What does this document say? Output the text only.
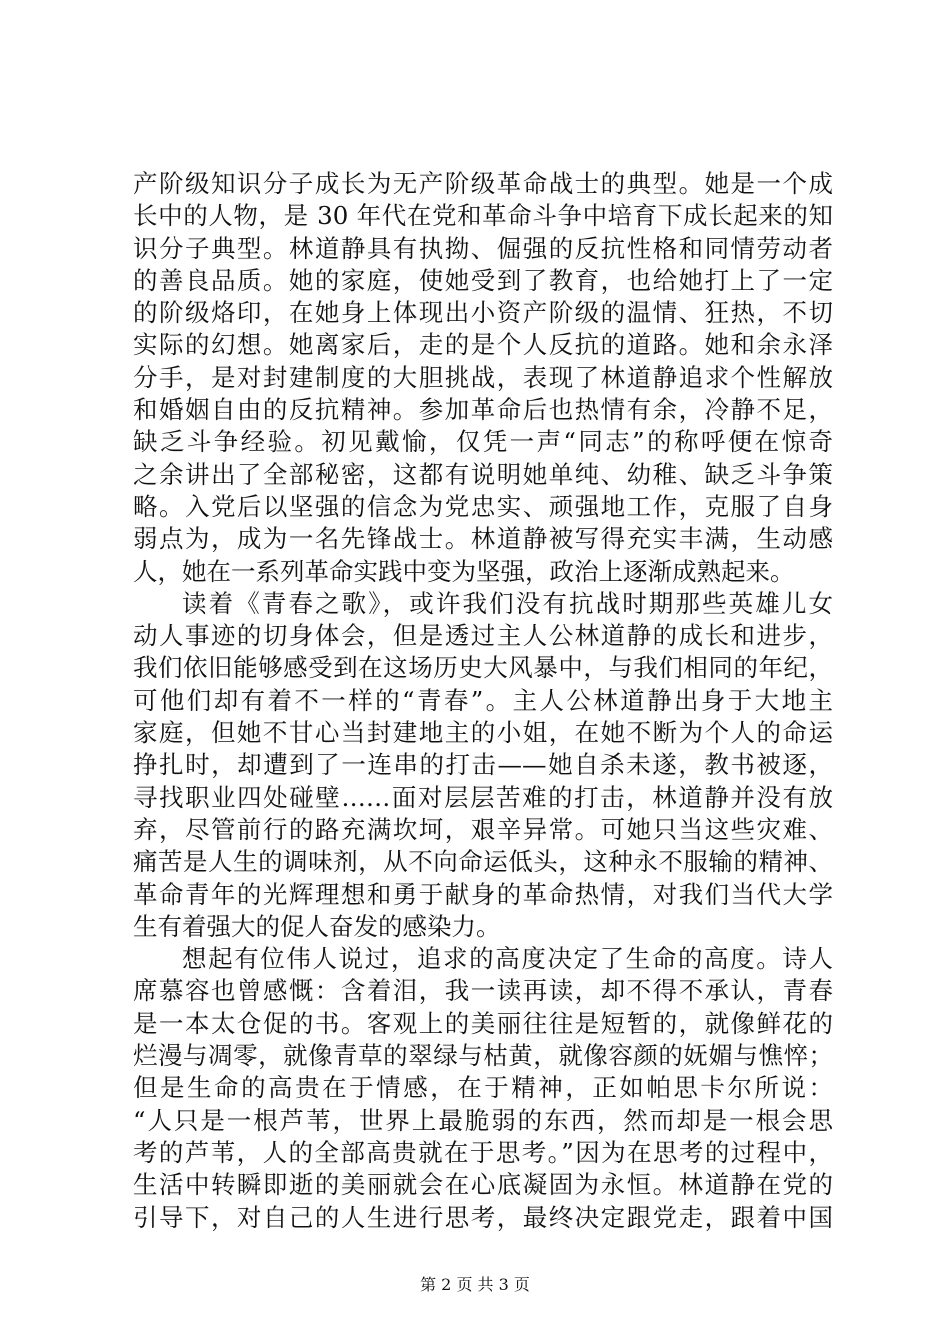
产阶级知识分子成长为无产阶级革命战士的典型。她是一个成
长中的人物，是 30 年代在党和革命斗争中培育下成长起来的知
识分子典型。林道静具有执拗、倔强的反抗性格和同情劳动者
的善良品质。她的家庭，使她受到了教育，也给她打上了一定
的阶级烙印，在她身上体现出小资产阶级的温情、狂热，不切
实际的幻想。她离家后，走的是个人反抗的道路。她和余永泽
分手，是对封建制度的大胆挑战，表现了林道静追求个性解放
和婚姻自由的反抗精神。参加革命后也热情有余，冷静不足，
缺乏斗争经验。初见戴愉，仅凭一声“同志”的称呼便在惊奇
之余讲出了全部秘密，这都有说明她单纯、幼稚、缺乏斗争策
略。入党后以坚强的信念为党忠实、顽强地工作，克服了自身
弱点为，成为一名先锋战士。林道静被写得充实丰满，生动感
人，她在一系列革命实践中变为坚强，政治上逐渐成熟起来。
读着《青春之歌》，或许我们没有抗战时期那些英雄儿女
动人事迹的切身体会，但是透过主人公林道静的成长和进步，
我们依旧能够感受到在这场历史大风暴中，与我们相同的年纪，
可他们却有着不一样的“青春”。主人公林道静出身于大地主
家庭，但她不甘心当封建地主的小姐，在她不断为个人的命运
挣扎时，却遭到了一连串的打击——她自杀未遂，教书被逐，
寻找职业四处碰壁……面对层层苦难的打击，林道静并没有放
弃，尽管前行的路充满坎坷，艰辛异常。可她只当这些灾难、
痛苦是人生的调味剂，从不向命运低头，这种永不服输的精神、
革命青年的光辉理想和勇于献身的革命热情，对我们当代大学
生有着强大的促人奋发的感染力。
想起有位伟人说过，追求的高度决定了生命的高度。诗人
席慕容也曾感慨：含着泪，我一读再读，却不得不承认，青春
是一本太仓促的书。客观上的美丽往往是短暂的，就像鲜花的
烂漫与凋零，就像青草的翠绿与枯黄，就像容颜的妩媚与憔悴；
但是生命的高贵在于情感，在于精神，正如帕思卡尔所说：
“人只是一根芦苇，世界上最脆弱的东西，然而却是一根会思
考的芦苇，人的全部高贵就在于思考。”因为在思考的过程中，
生活中转瞬即逝的美丽就会在心底凝固为永恒。林道静在党的
引导下，对自己的人生进行思考，最终决定跟党走，跟着中国
第 2 页 共 3 页
